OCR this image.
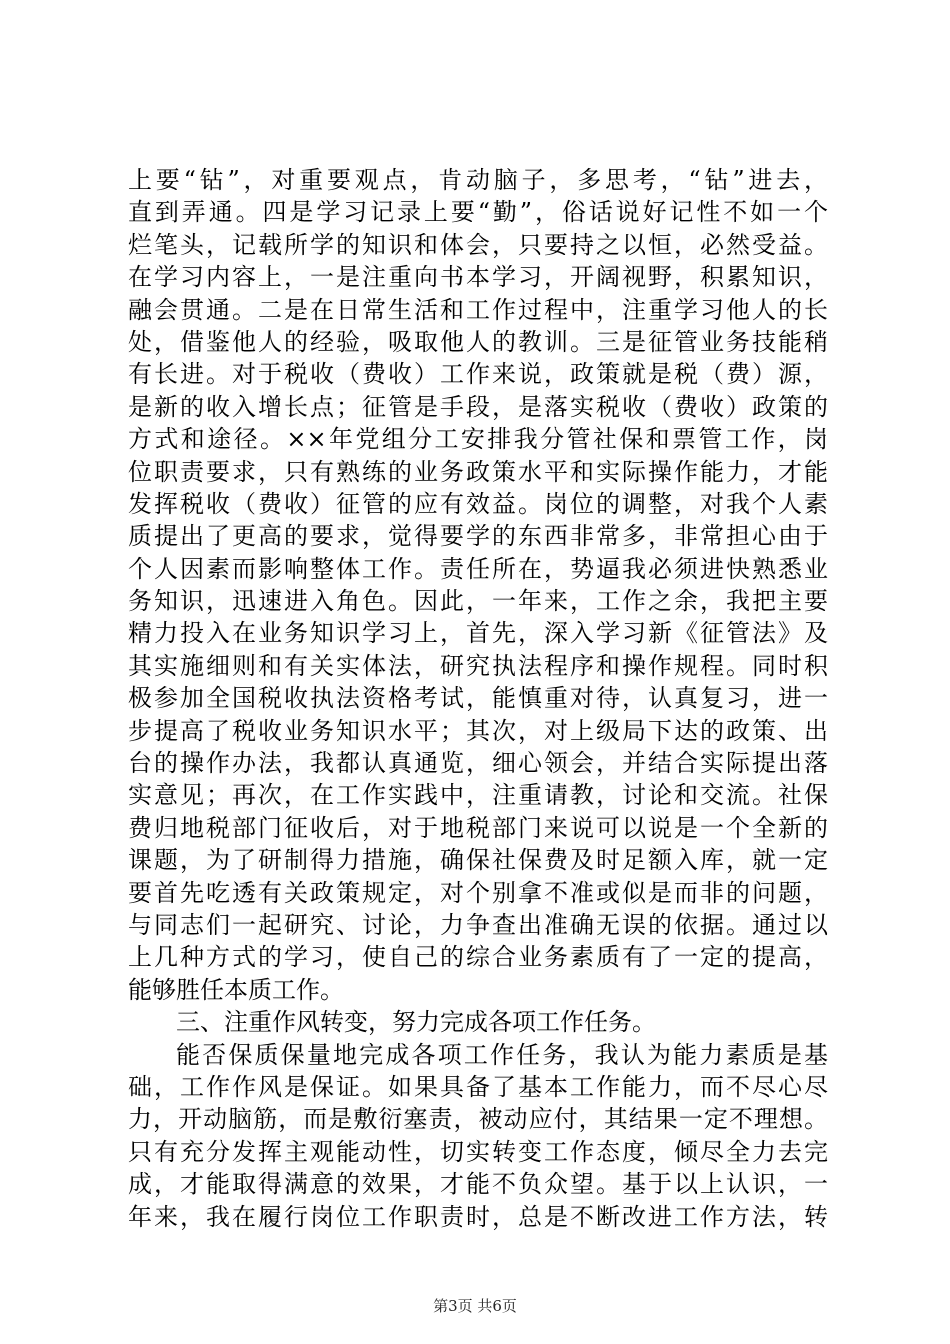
上要“钻”，对重要观点，肯动脑子，多思考，“钻”进去，
直到弄通。四是学习记录上要“勤”，俗话说好记性不如一个
烂笔头，记载所学的知识和体会，只要持之以恒，必然受益。
在学习内容上，一是注重向书本学习，开阔视野，积累知识，
融会贯通。二是在日常生活和工作过程中，注重学习他人的长
处，借鉴他人的经验，吸取他人的教训。三是征管业务技能稍
有长进。对于税收（费收）工作来说，政策就是税（费）源，
是新的收入增长点；征管是手段，是落实税收（费收）政策的
方式和途径。××年党组分工安排我分管社保和票管工作，岗
位职责要求，只有熟练的业务政策水平和实际操作能力，才能
发挥税收（费收）征管的应有效益。岗位的调整，对我个人素
质提出了更高的要求，觉得要学的东西非常多，非常担心由于
个人因素而影响整体工作。责任所在，势逼我必须进快熟悉业
务知识，迅速进入角色。因此，一年来，工作之余，我把主要
精力投入在业务知识学习上，首先，深入学习新《征管法》及
其实施细则和有关实体法，研究执法程序和操作规程。同时积
极参加全国税收执法资格考试，能慎重对待，认真复习，进一
步提高了税收业务知识水平；其次，对上级局下达的政策、出
台的操作办法，我都认真通览，细心领会，并结合实际提出落
实意见；再次，在工作实践中，注重请教，讨论和交流。社保
费归地税部门征收后，对于地税部门来说可以说是一个全新的
课题，为了研制得力措施，确保社保费及时足额入库，就一定
要首先吃透有关政策规定，对个别拿不准或似是而非的问题，
与同志们一起研究、讨论，力争查出准确无误的依据。通过以
上几种方式的学习，使自己的综合业务素质有了一定的提高，
能够胜任本质工作。
三、注重作风转变，努力完成各项工作任务。
能否保质保量地完成各项工作任务，我认为能力素质是基
础，工作作风是保证。如果具备了基本工作能力，而不尽心尽
力，开动脑筋，而是敷衍塞责，被动应付，其结果一定不理想。
只有充分发挥主观能动性，切实转变工作态度，倾尽全力去完
成，才能取得满意的效果，才能不负众望。基于以上认识，一
年来，我在履行岗位工作职责时，总是不断改进工作方法，转
第3页 共6页
